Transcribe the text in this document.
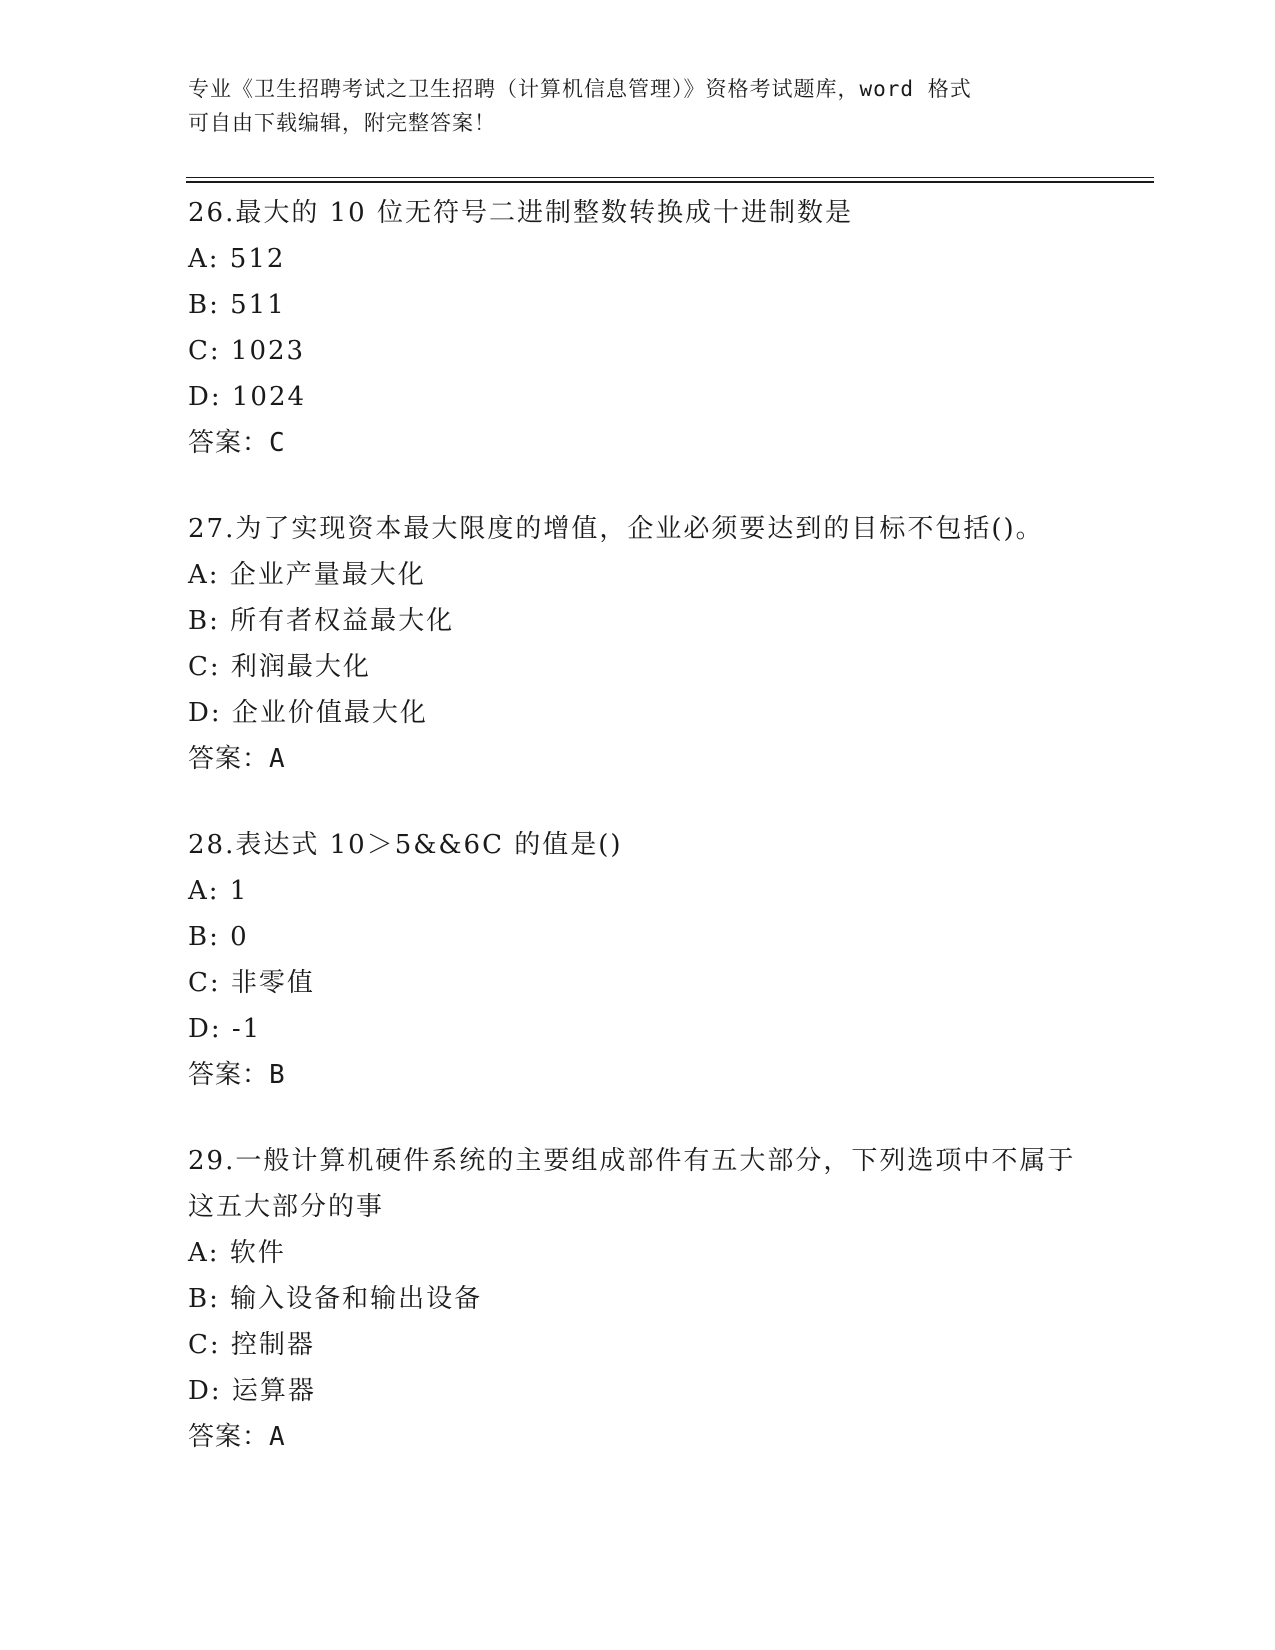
专业《卫生招聘考试之卫生招聘（计算机信息管理）》资格考试题库，word 格式
可自由下载编辑，附完整答案！
26.最大的 10 位无符号二进制整数转换成十进制数是
A: 512
B: 511
C: 1023
D: 1024
答案：C
27.为了实现资本最大限度的增值，企业必须要达到的目标不包括()。
A: 企业产量最大化
B: 所有者权益最大化
C: 利润最大化
D: 企业价值最大化
答案：A
28.表达式 10＞5&&6C 的值是()
A: 1
B: 0
C: 非零值
D: -1
答案：B
29.一般计算机硬件系统的主要组成部件有五大部分，下列选项中不属于这五大部分的事
A: 软件
B: 输入设备和输出设备
C: 控制器
D: 运算器
答案：A
